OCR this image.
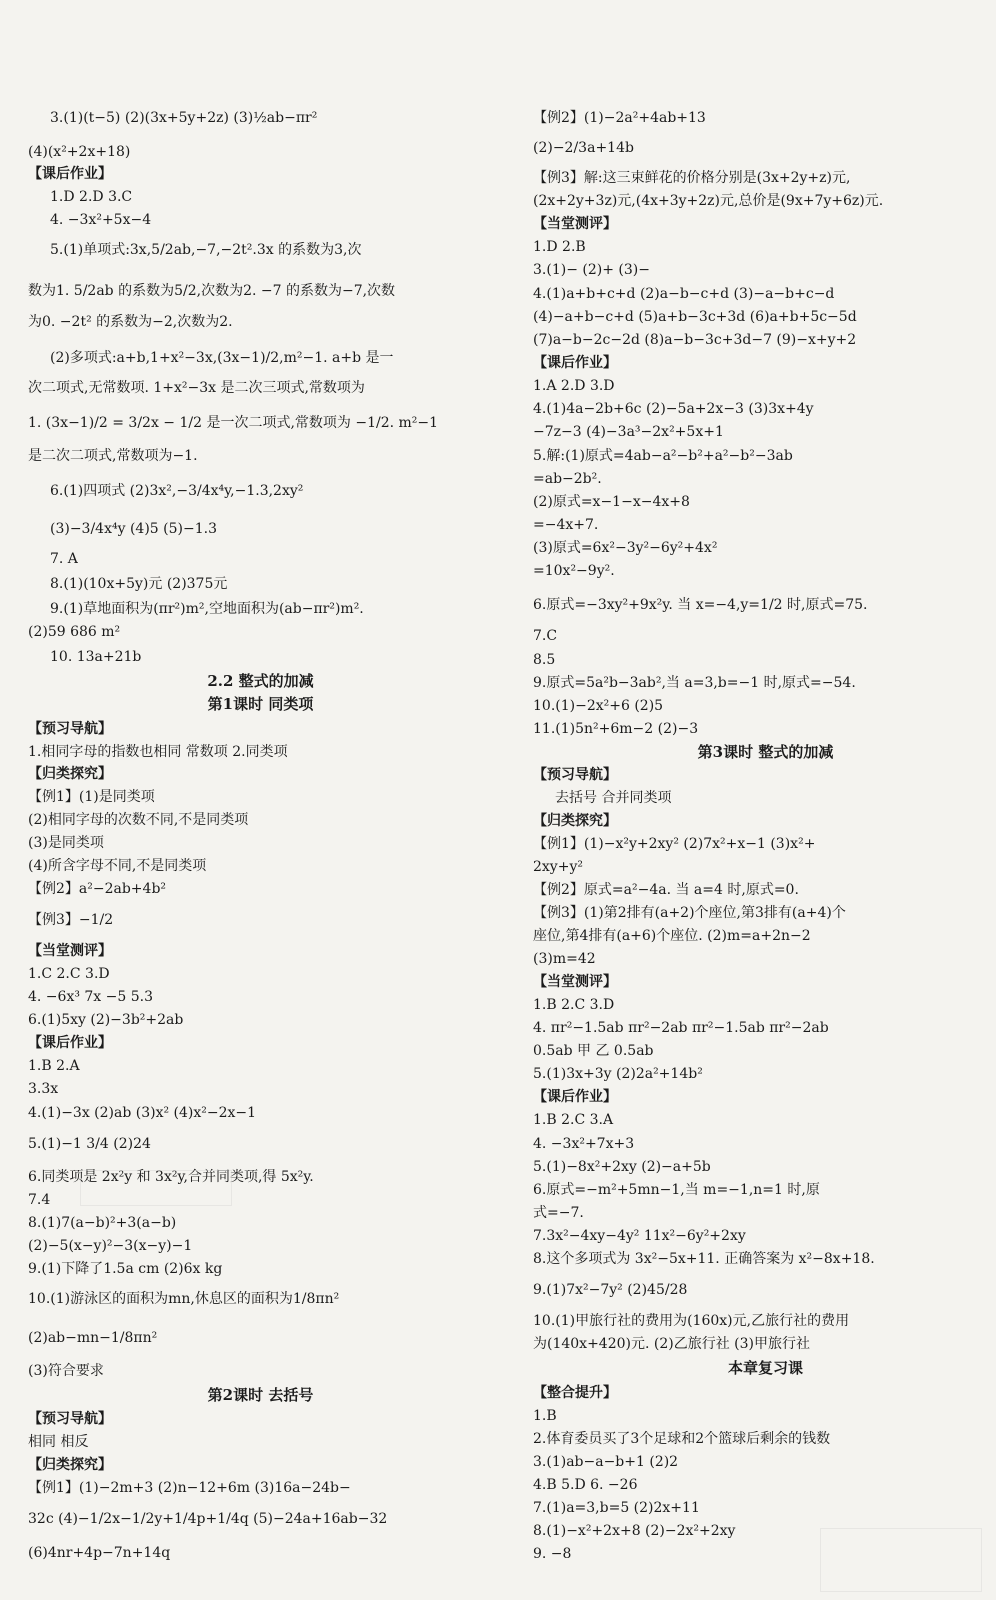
3.(1)(t−5) (2)(3x+5y+2z) (3)½ab−πr²
(4)(x²+2x+18)
【课后作业】
1.D 2.D 3.C
4. −3x²+5x−4
5.(1)单项式:3x,5/2ab,−7,−2t².3x 的系数为3,次
数为1. 5/2ab 的系数为5/2,次数为2. −7 的系数为−7,次数
为0. −2t² 的系数为−2,次数为2.
(2)多项式:a+b,1+x²−3x,(3x−1)/2,m²−1. a+b 是一
次二项式,无常数项. 1+x²−3x 是二次三项式,常数项为
1. (3x−1)/2 = 3/2x − 1/2 是一次二项式,常数项为 −1/2. m²−1
是二次二项式,常数项为−1.
6.(1)四项式 (2)3x²,−3/4x⁴y,−1.3,2xy²
(3)−3/4x⁴y (4)5 (5)−1.3
7. A
8.(1)(10x+5y)元 (2)375元
9.(1)草地面积为(πr²)m²,空地面积为(ab−πr²)m².
(2)59 686 m²
10. 13a+21b
2.2 整式的加减
第1课时 同类项
【预习导航】
1.相同字母的指数也相同 常数项 2.同类项
【归类探究】
【例1】(1)是同类项
(2)相同字母的次数不同,不是同类项
(3)是同类项
(4)所含字母不同,不是同类项
【例2】a²−2ab+4b²
【例3】−1/2
【当堂测评】
1.C 2.C 3.D
4. −6x³ 7x −5 5.3
6.(1)5xy (2)−3b²+2ab
【课后作业】
1.B 2.A
3.3x
4.(1)−3x (2)ab (3)x² (4)x²−2x−1
5.(1)−1 3/4 (2)24
6.同类项是 2x²y 和 3x²y,合并同类项,得 5x²y.
7.4
8.(1)7(a−b)²+3(a−b)
(2)−5(x−y)²−3(x−y)−1
9.(1)下降了1.5a cm (2)6x kg
10.(1)游泳区的面积为mn,休息区的面积为1/8πn²
(2)ab−mn−1/8πn²
(3)符合要求
第2课时 去括号
【预习导航】
相同 相反
【归类探究】
【例1】(1)−2m+3 (2)n−12+6m (3)16a−24b−
32c (4)−1/2x−1/2y+1/4p+1/4q (5)−24a+16ab−32
(6)4nr+4p−7n+14q
【例2】(1)−2a²+4ab+13
(2)−2/3a+14b
【例3】解:这三束鲜花的价格分别是(3x+2y+z)元,
(2x+2y+3z)元,(4x+3y+2z)元,总价是(9x+7y+6z)元.
【当堂测评】
1.D 2.B
3.(1)− (2)+ (3)−
4.(1)a+b+c+d (2)a−b−c+d (3)−a−b+c−d
(4)−a+b−c+d (5)a+b−3c+3d (6)a+b+5c−5d
(7)a−b−2c−2d (8)a−b−3c+3d−7 (9)−x+y+2
【课后作业】
1.A 2.D 3.D
4.(1)4a−2b+6c (2)−5a+2x−3 (3)3x+4y
−7z−3 (4)−3a³−2x²+5x+1
5.解:(1)原式=4ab−a²−b²+a²−b²−3ab
=ab−2b².
(2)原式=x−1−x−4x+8
=−4x+7.
(3)原式=6x²−3y²−6y²+4x²
=10x²−9y².
6.原式=−3xy²+9x²y. 当 x=−4,y=1/2 时,原式=75.
7.C
8.5
9.原式=5a²b−3ab²,当 a=3,b=−1 时,原式=−54.
10.(1)−2x²+6 (2)5
11.(1)5n²+6m−2 (2)−3
第3课时 整式的加减
【预习导航】
去括号 合并同类项
【归类探究】
【例1】(1)−x²y+2xy² (2)7x²+x−1 (3)x²+
2xy+y²
【例2】原式=a²−4a. 当 a=4 时,原式=0.
【例3】(1)第2排有(a+2)个座位,第3排有(a+4)个
座位,第4排有(a+6)个座位. (2)m=a+2n−2
(3)m=42
【当堂测评】
1.B 2.C 3.D
4. πr²−1.5ab πr²−2ab πr²−1.5ab πr²−2ab
0.5ab 甲 乙 0.5ab
5.(1)3x+3y (2)2a²+14b²
【课后作业】
1.B 2.C 3.A
4. −3x²+7x+3
5.(1)−8x²+2xy (2)−a+5b
6.原式=−m²+5mn−1,当 m=−1,n=1 时,原
式=−7.
7.3x²−4xy−4y² 11x²−6y²+2xy
8.这个多项式为 3x²−5x+11. 正确答案为 x²−8x+18.
9.(1)7x²−7y² (2)45/28
10.(1)甲旅行社的费用为(160x)元,乙旅行社的费用
为(140x+420)元. (2)乙旅行社 (3)甲旅行社
本章复习课
【整合提升】
1.B
2.体育委员买了3个足球和2个篮球后剩余的钱数
3.(1)ab−a−b+1 (2)2
4.B 5.D 6. −26
7.(1)a=3,b=5 (2)2x+11
8.(1)−x²+2x+8 (2)−2x²+2xy
9. −8
